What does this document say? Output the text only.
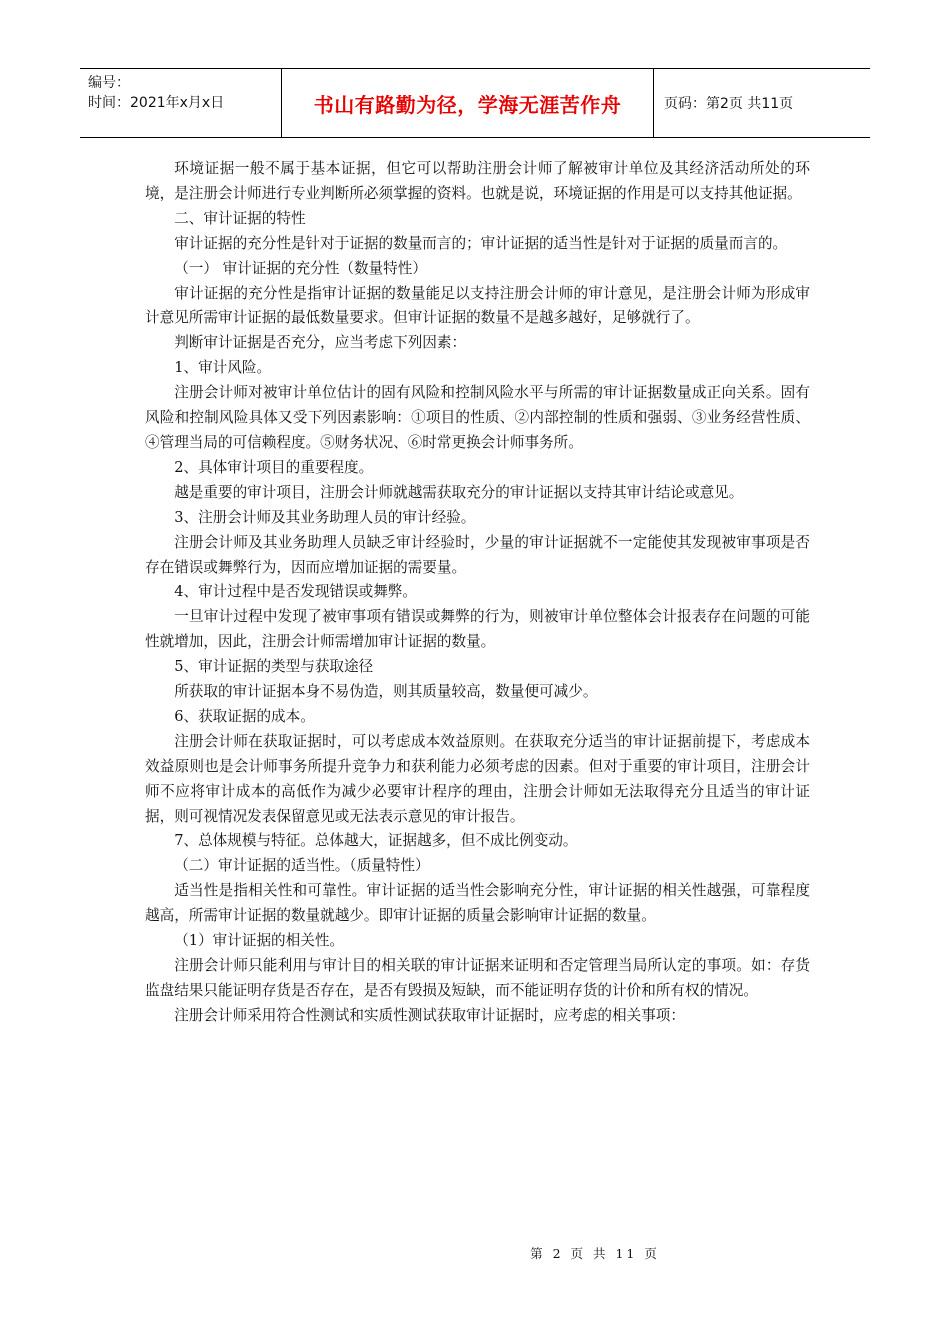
编号：
时间：2021年x月x日	书山有路勤为径，学海无涯苦作舟	页码：第2页 共11页

环境证据一般不属于基本证据，但它可以帮助注册会计师了解被审计单位及其经济活动所处的环境，是注册会计师进行专业判断所必须掌握的资料。也就是说，环境证据的作用是可以支持其他证据。

二、审计证据的特性

审计证据的充分性是针对于证据的数量而言的；审计证据的适当性是针对于证据的质量而言的。

（一） 审计证据的充分性（数量特性）

审计证据的充分性是指审计证据的数量能足以支持注册会计师的审计意见，是注册会计师为形成审计意见所需审计证据的最低数量要求。但审计证据的数量不是越多越好，足够就行了。

判断审计证据是否充分，应当考虑下列因素：

1、审计风险。

注册会计师对被审计单位估计的固有风险和控制风险水平与所需的审计证据数量成正向关系。固有风险和控制风险具体又受下列因素影响：①项目的性质、②内部控制的性质和强弱、③业务经营性质、④管理当局的可信赖程度。⑤财务状况、⑥时常更换会计师事务所。

2、具体审计项目的重要程度。

越是重要的审计项目，注册会计师就越需获取充分的审计证据以支持其审计结论或意见。

3、注册会计师及其业务助理人员的审计经验。

注册会计师及其业务助理人员缺乏审计经验时，少量的审计证据就不一定能使其发现被审事项是否存在错误或舞弊行为，因而应增加证据的需要量。

4、审计过程中是否发现错误或舞弊。

一旦审计过程中发现了被审事项有错误或舞弊的行为，则被审计单位整体会计报表存在问题的可能性就增加，因此，注册会计师需增加审计证据的数量。

5、审计证据的类型与获取途径

所获取的审计证据本身不易伪造，则其质量较高，数量便可减少。

6、获取证据的成本。

注册会计师在获取证据时，可以考虑成本效益原则。在获取充分适当的审计证据前提下，考虑成本效益原则也是会计师事务所提升竞争力和获利能力必须考虑的因素。但对于重要的审计项目，注册会计师不应将审计成本的高低作为减少必要审计程序的理由，注册会计师如无法取得充分且适当的审计证据，则可视情况发表保留意见或无法表示意见的审计报告。

7、总体规模与特征。总体越大，证据越多，但不成比例变动。

（二）审计证据的适当性。（质量特性）

适当性是指相关性和可靠性。审计证据的适当性会影响充分性，审计证据的相关性越强，可靠程度越高，所需审计证据的数量就越少。即审计证据的质量会影响审计证据的数量。

（1）审计证据的相关性。

注册会计师只能利用与审计目的相关联的审计证据来证明和否定管理当局所认定的事项。如：存货监盘结果只能证明存货是否存在，是否有毁损及短缺，而不能证明存货的计价和所有权的情况。

注册会计师采用符合性测试和实质性测试获取审计证据时，应考虑的相关事项：

第 2 页 共 11 页
